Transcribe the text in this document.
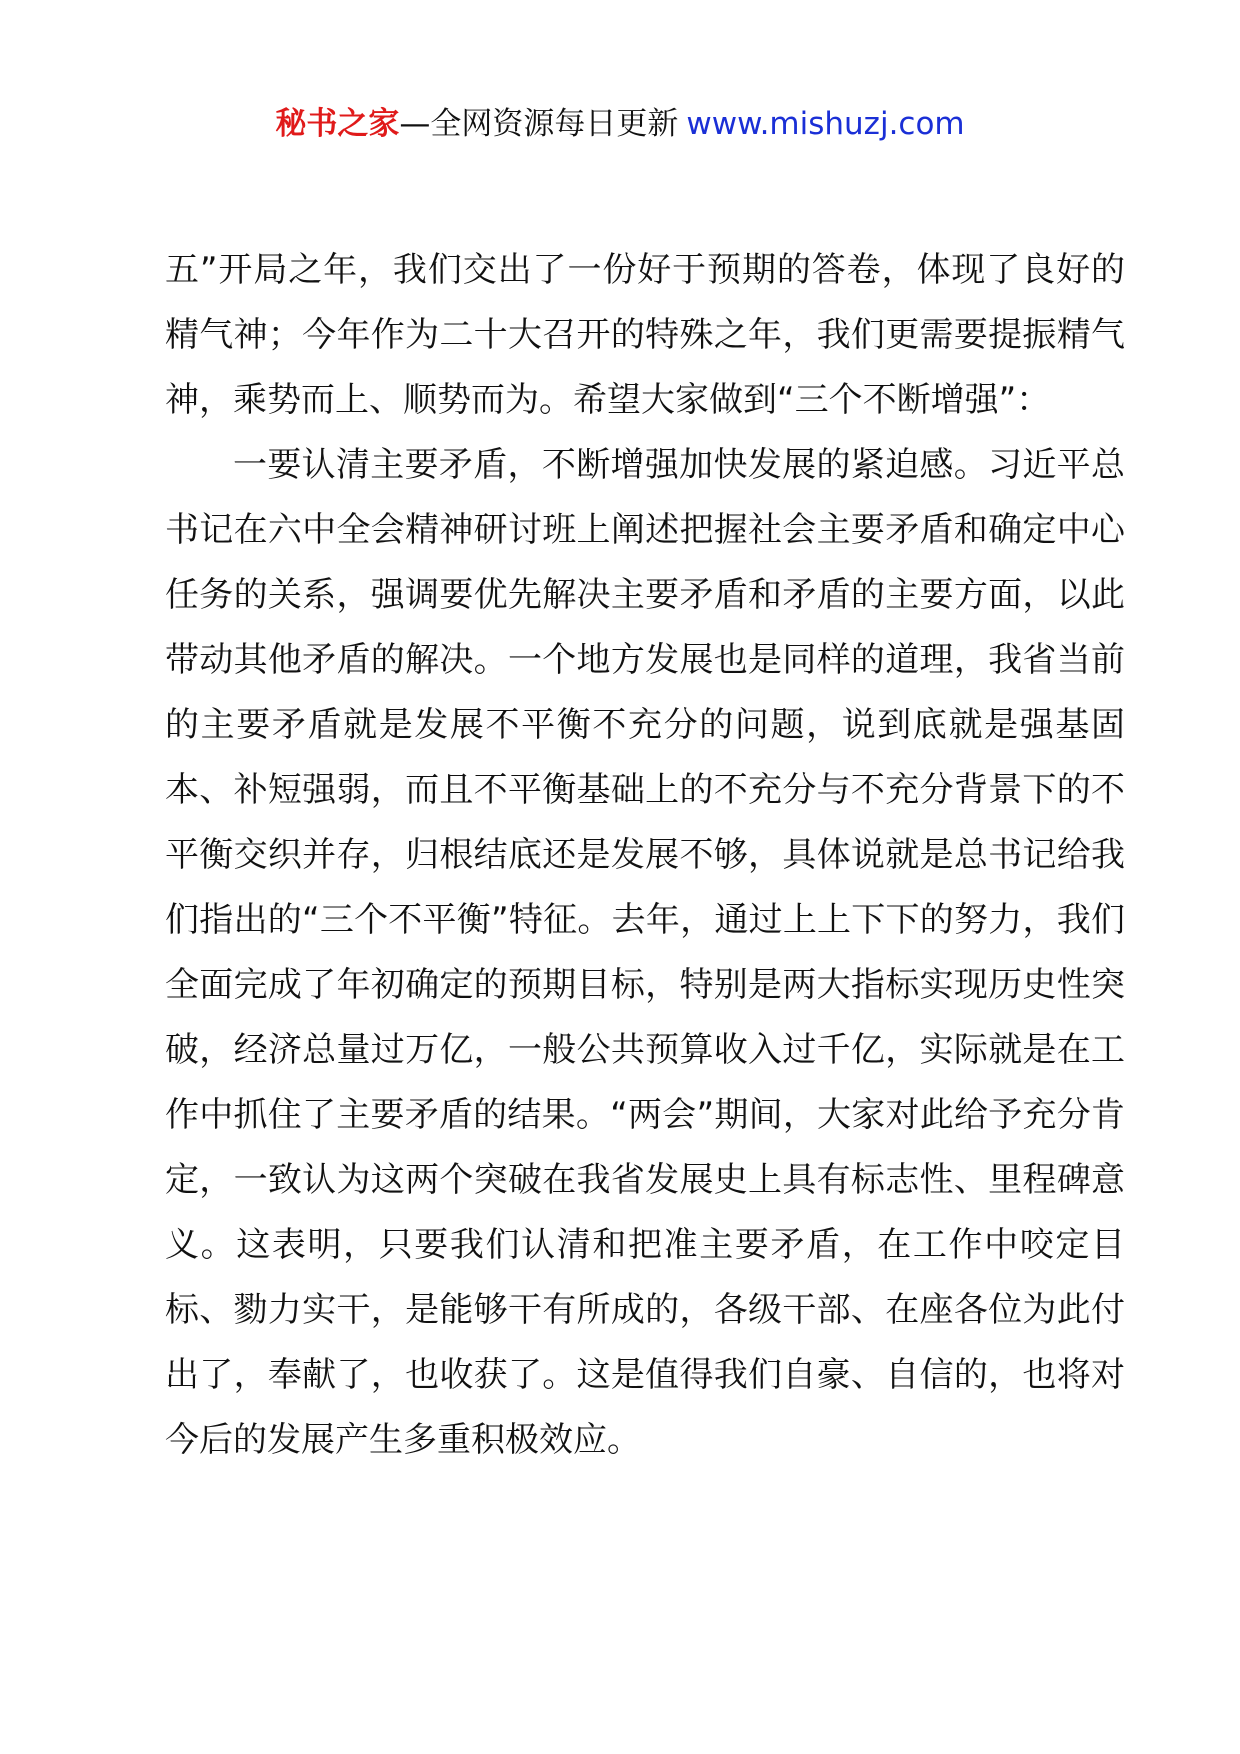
秘书之家—全网资源每日更新 www.mishuzj.com

五”开局之年，我们交出了一份好于预期的答卷，体现了良好的精气神；今年作为二十大召开的特殊之年，我们更需要提振精气神，乘势而上、顺势而为。希望大家做到“三个不断增强”：

一要认清主要矛盾，不断增强加快发展的紧迫感。习近平总书记在六中全会精神研讨班上阐述把握社会主要矛盾和确定中心任务的关系，强调要优先解决主要矛盾和矛盾的主要方面，以此带动其他矛盾的解决。一个地方发展也是同样的道理，我省当前的主要矛盾就是发展不平衡不充分的问题，说到底就是强基固本、补短强弱，而且不平衡基础上的不充分与不充分背景下的不平衡交织并存，归根结底还是发展不够，具体说就是总书记给我们指出的“三个不平衡”特征。去年，通过上上下下的努力，我们全面完成了年初确定的预期目标，特别是两大指标实现历史性突破，经济总量过万亿，一般公共预算收入过千亿，实际就是在工作中抓住了主要矛盾的结果。“两会”期间，大家对此给予充分肯定，一致认为这两个突破在我省发展史上具有标志性、里程碑意义。这表明，只要我们认清和把准主要矛盾，在工作中咬定目标、勠力实干，是能够干有所成的，各级干部、在座各位为此付出了，奉献了，也收获了。这是值得我们自豪、自信的，也将对今后的发展产生多重积极效应。
